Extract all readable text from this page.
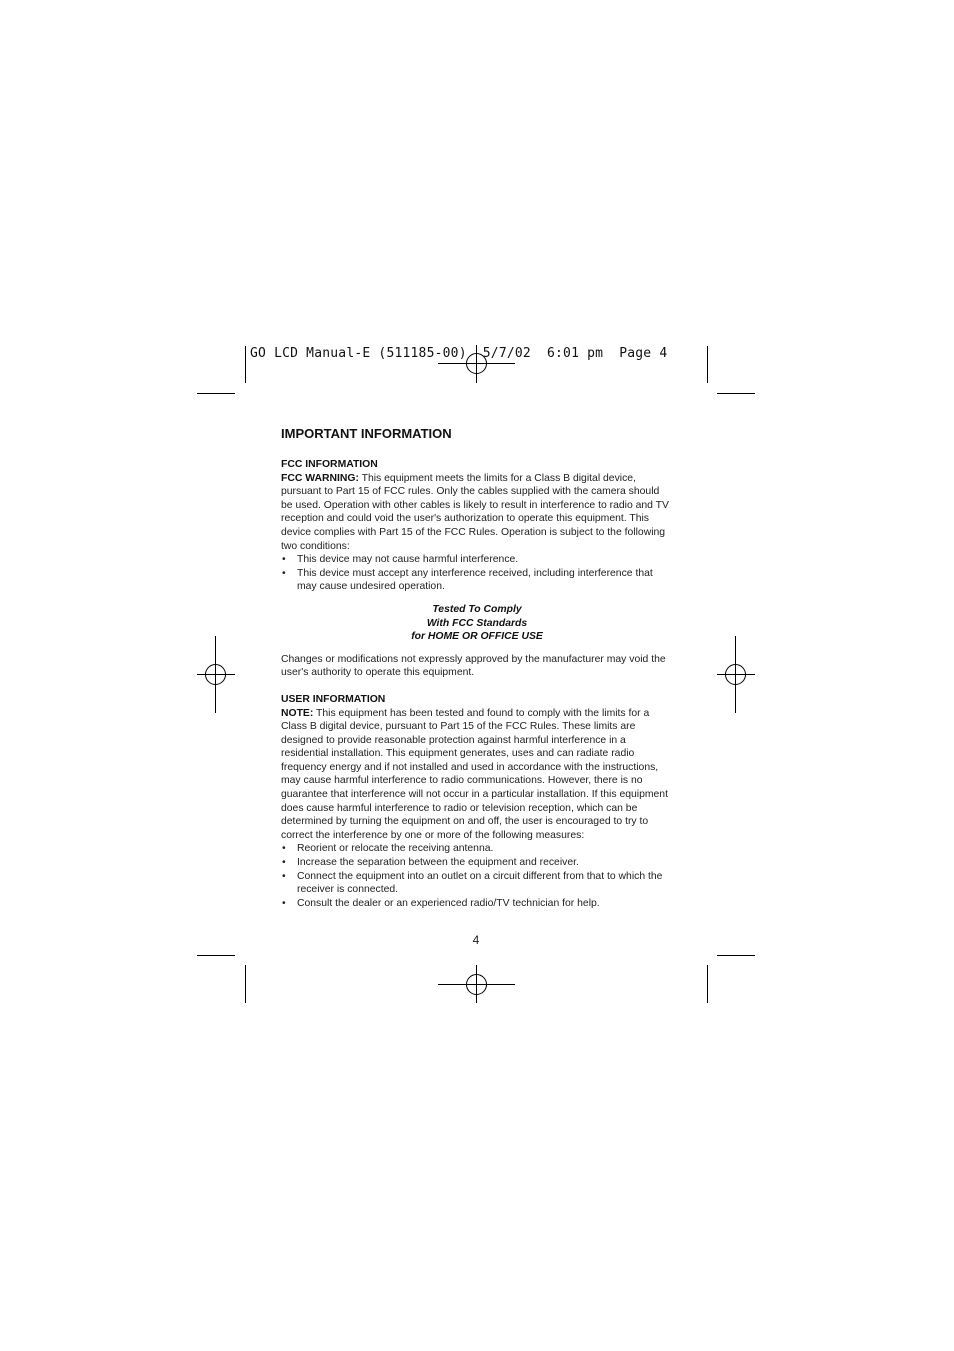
GO LCD Manual-E (511185-00)  5/7/02  6:01 pm  Page 4
IMPORTANT INFORMATION
FCC INFORMATION

FCC WARNING: This equipment meets the limits for a Class B digital device, pursuant to Part 15 of FCC rules. Only the cables supplied with the camera should be used. Operation with other cables is likely to result in interference to radio and TV reception and could void the user's authorization to operate this equipment. This device complies with Part 15 of the FCC Rules. Operation is subject to the following two conditions:

• This device may not cause harmful interference.
• This device must accept any interference received, including interference that may cause undesired operation.
Tested To Comply
With FCC Standards
for HOME OR OFFICE USE

Changes or modifications not expressly approved by the manufacturer may void the user's authority to operate this equipment.

USER INFORMATION

NOTE: This equipment has been tested and found to comply with the limits for a Class B digital device, pursuant to Part 15 of the FCC Rules. These limits are designed to provide reasonable protection against harmful interference in a residential installation. This equipment generates, uses and can radiate radio frequency energy and if not installed and used in accordance with the instructions, may cause harmful interference to radio communications. However, there is no guarantee that interference will not occur in a particular installation. If this equipment does cause harmful interference to radio or television reception, which can be determined by turning the equipment on and off, the user is encouraged to try to correct the interference by one or more of the following measures:

• Reorient or relocate the receiving antenna.
• Increase the separation between the equipment and receiver.
• Connect the equipment into an outlet on a circuit different from that to which the receiver is connected.
• Consult the dealer or an experienced radio/TV technician for help.
4
